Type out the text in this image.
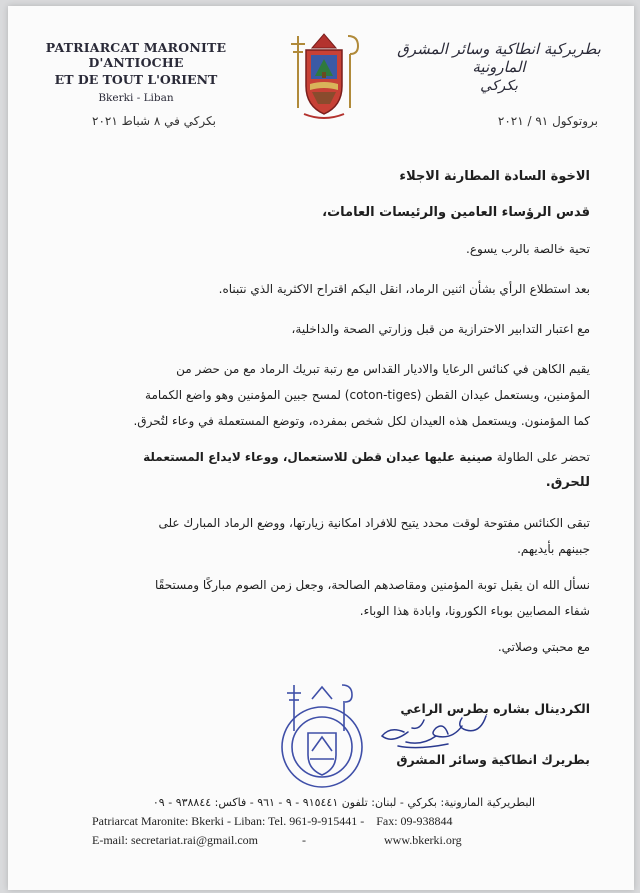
PATRIARCAT MARONITE D'ANTIOCHE
ET DE TOUT L'ORIENT
Bkerki - Liban
بطريركية انطاكية وسائر المشرق المارونية
بكركي
بروتوكول ٩١ / ٢٠٢١
بكركي في ٨ شباط ٢٠٢١

الاخوة السادة المطارنة الاجلاء

قدس الرؤساء العامين والرئيسات العامات،

تحية خالصة بالرب يسوع.

بعد استطلاع الرأي بشأن اثنين الرماد، انقل اليكم اقتراح الاكثرية الذي نتبناه.

مع اعتبار التدابير الاحترازية من قبل وزارتي الصحة والداخلية،

يقيم الكاهن في كنائس الرعايا والاديار القداس مع رتبة تبريك الرماد مع من حضر من

المؤمنين، ويستعمل عيدان القطن (coton-tiges) لمسح جبين المؤمنين وهو واضع الكمامة

كما المؤمنون. ويستعمل هذه العيدان لكل شخص بمفرده، وتوضع المستعملة في وعاء لتُحرق.

تحضر على الطاولة صينية عليها عيدان قطن للاستعمال، ووعاء لايداع المستعملة

للحرق.

تبقى الكنائس مفتوحة لوقت محدد يتيح للافراد امكانية زيارتها، ووضع الرماد المبارك على

جبينهم بأيديهم.

نسأل الله ان يقبل توبة المؤمنين ومقاصدهم الصالحة، وجعل زمن الصوم مباركًا ومستحقًا

شفاء المصابين بوباء الكورونا، وابادة هذا الوباء.

مع محبتي وصلاتي.

الكردينال بشاره بطرس الراعي
بطريرك انطاكية وسائر المشرق
البطريركية المارونية: بكركي - لبنان: تلفون ٩١٥٤٤١ - ٩ - ٩٦١ - فاكس: ٩٣٨٨٤٤ - ٠٩
Patriarcat Maronite: Bkerki - Liban: Tel. 961-9-915441 - Fax: 09-938844
E-mail: secretariat.rai@gmail.com	-	www.bkerki.org
